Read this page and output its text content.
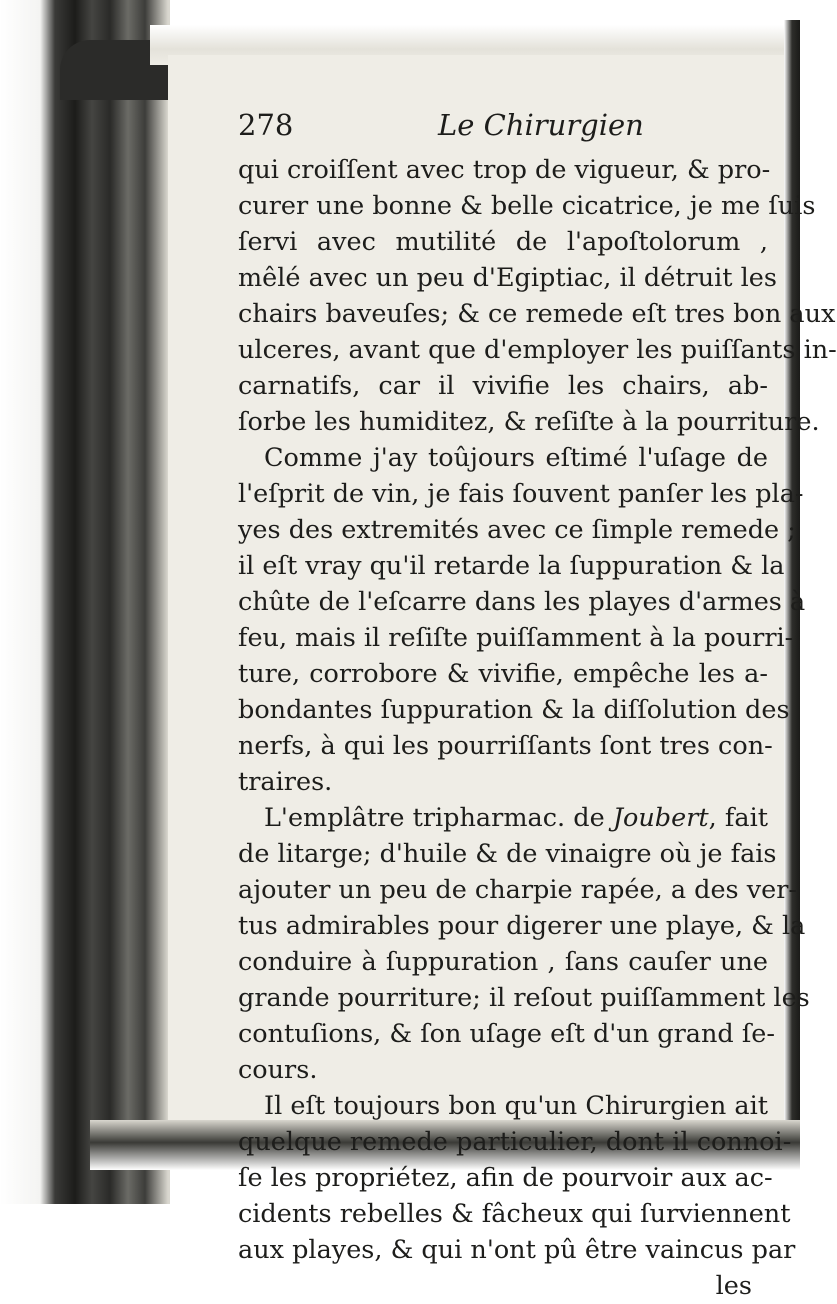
278	Le Chirurgien
qui croiſſent avec trop de vigueur, & pro-
curer une bonne & belle cicatrice, je me ſuis
ſervi avec mutilité de l'apoſtolorum ,
mêlé avec un peu d'Egiptiac, il détruit les
chairs baveuſes; & ce remede eſt tres bon aux
ulceres, avant que d'employer les puiſſants in-
carnatifs, car il vivifie les chairs, ab-
ſorbe les humiditez, & reſiſte à la pourriture.
Comme j'ay toûjours eſtimé l'uſage de
l'eſprit de vin, je fais ſouvent panſer les pla-
yes des extremités avec ce ſimple remede ;
il eſt vray qu'il retarde la ſuppuration & la
chûte de l'eſcarre dans les playes d'armes à
feu, mais il reſiſte puiſſamment à la pourri-
ture, corrobore & vivifie, empêche les a-
bondantes ſuppuration & la diſſolution des
nerfs, à qui les pourriſſants ſont tres con-
traires.
L'emplâtre tripharmac. de Joubert, fait
de litarge; d'huile & de vinaigre où je fais
ajouter un peu de charpie rapée, a des ver-
tus admirables pour digerer une playe, & la
conduire à ſuppuration , ſans cauſer une
grande pourriture; il reſout puiſſamment les
contuſions, & ſon uſage eſt d'un grand ſe-
cours.
Il eſt toujours bon qu'un Chirurgien ait
quelque remede particulier, dont il connoi-
ſe les propriétez, afin de pourvoir aux ac-
cidents rebelles & fâcheux qui ſurviennent
aux playes, & qui n'ont pû être vaincus par
les
